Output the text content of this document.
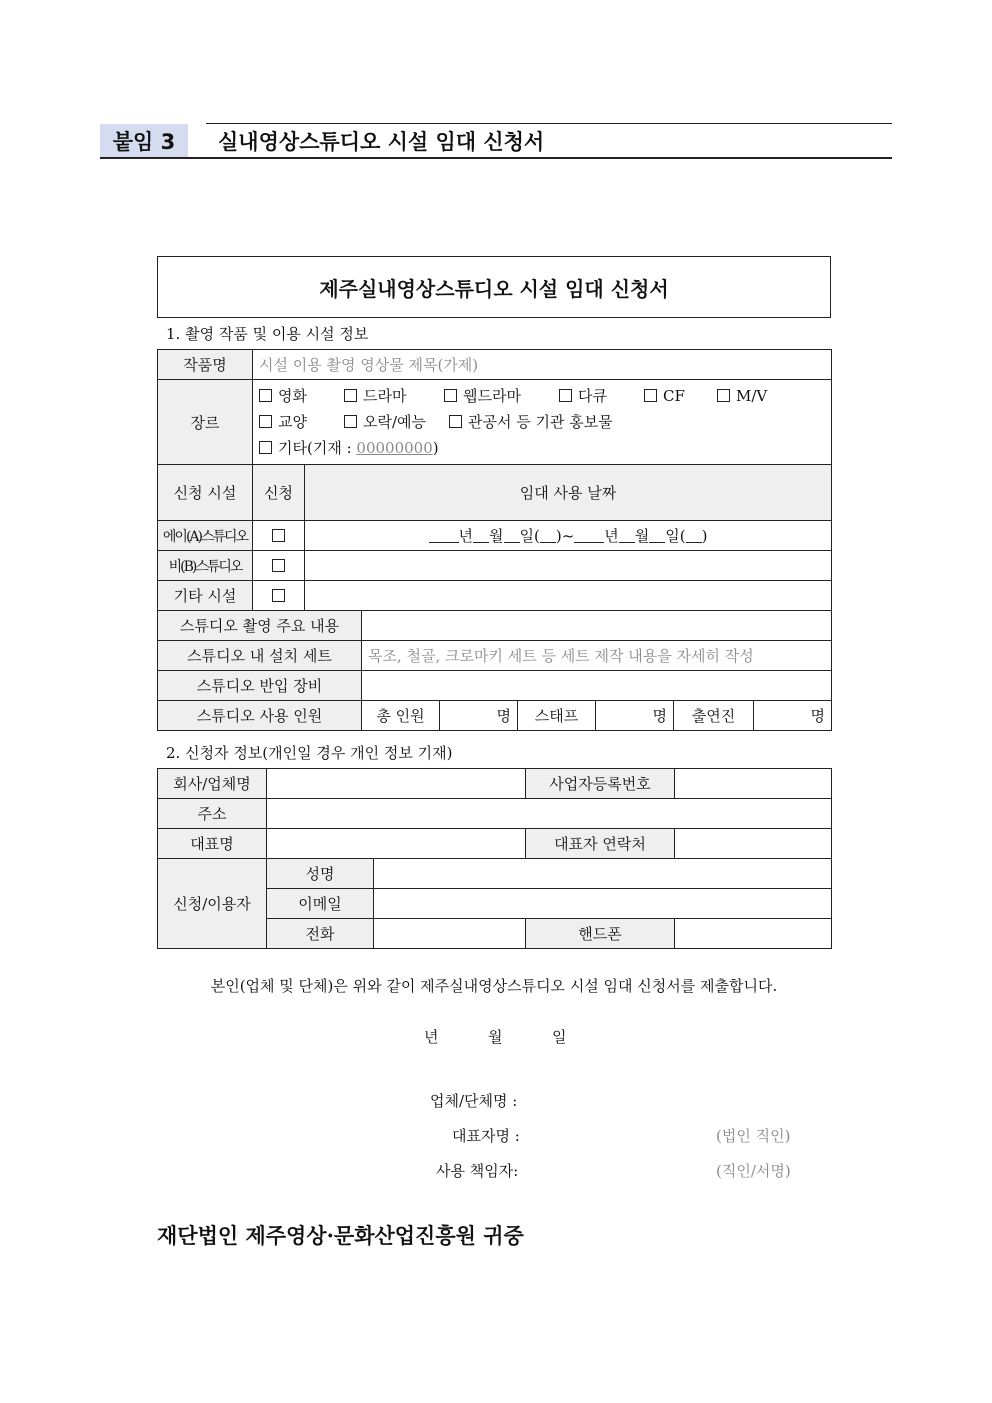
붙임 3	실내영상스튜디오 시설 임대 신청서
제주실내영상스튜디오 시설 임대 신청서
1. 촬영 작품 및 이용 시설 정보
작품명	시설 이용 촬영 영상물 제목(가제)							
장르	영화 드라마 웹드라마 다큐 CF M/V
교양 오락/예능 관공서 등 기관 홍보물
기타(기재 : 00000000)							

신청 시설	신청	임대 사용 날짜						
에이(A)스튜디오		년 월 일( )~ 년 월 일( )						
비(B)스튜디오								
기타 시설								
스튜디오 촬영 주요 내용								
스튜디오 내 설치 세트			목조, 철골, 크로마키 세트 등 세트 제작 내용을 자세히 작성					
스튜디오 반입 장비								
스튜디오 사용 인원			총 인원	명	스태프	명	출연진	명
2. 신청자 정보(개인일 경우 개인 정보 기재)
회사/업체명			사업자등록번호	
주소				
대표명			대표자 연락처	
신청/이용자	성명			
	이메일			
	전화		핸드폰	
본인(업체 및 단체)은 위와 같이 제주실내영상스튜디오 시설 임대 신청서를 제출합니다.
년	월	일
업체/단체명 :
대표자명 :	(법인 직인)
사용 책임자:	(직인/서명)
재단법인 제주영상·문화산업진흥원 귀중
